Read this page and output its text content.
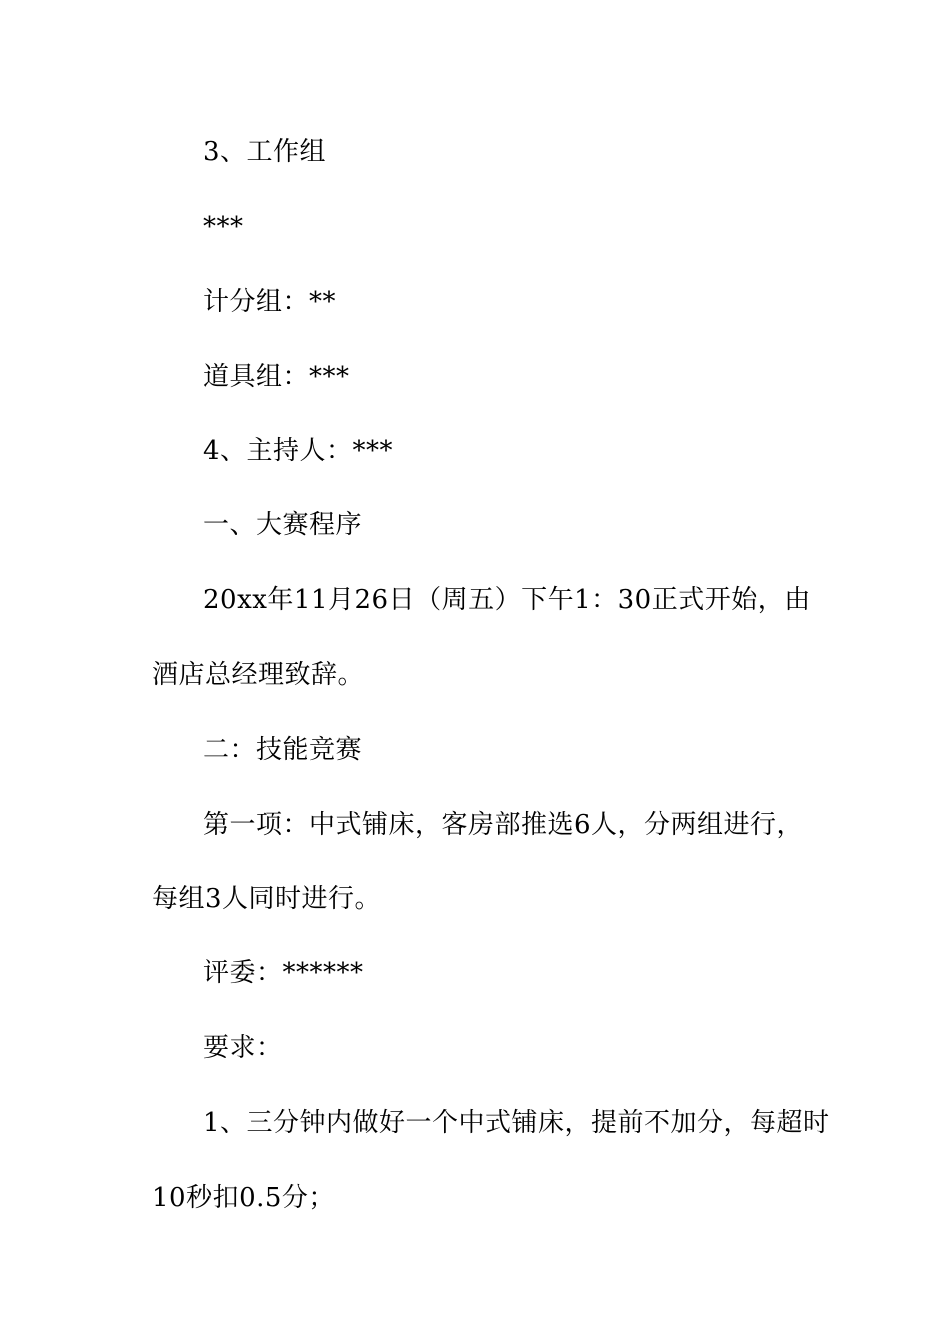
3、工作组
***
计分组：**
道具组：***
4、主持人：***
一、大赛程序
20xx年11月26日（周五）下午1：30正式开始，由
酒店总经理致辞。
二：技能竞赛
第一项：中式铺床，客房部推选6人，分两组进行，
每组3人同时进行。
评委：******
要求：
1、三分钟内做好一个中式铺床，提前不加分，每超时
10秒扣0.5分；
